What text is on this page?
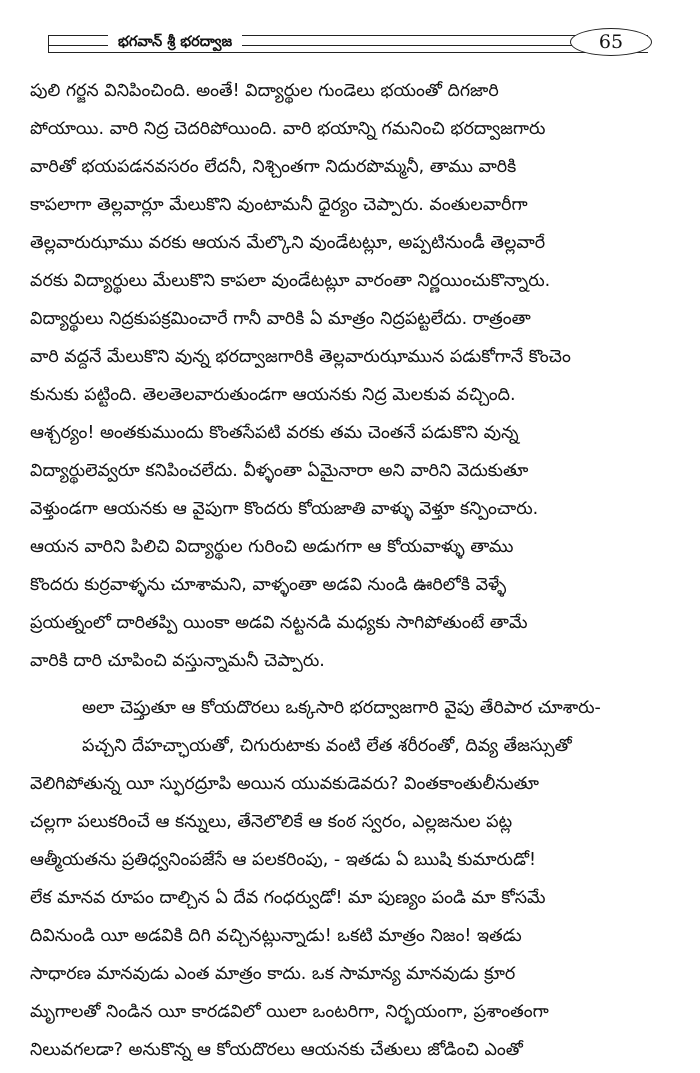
భగవాన్ శ్రీ భరద్వాజ	65
పులి గర్జన వినిపించింది. అంతే! విద్యార్థుల గుండెలు భయంతో దిగజారి
పోయాయి. వారి నిద్ర చెదరిపోయింది. వారి భయాన్ని గమనించి భరద్వాజగారు
వారితో భయపడనవసరం లేదనీ, నిశ్చింతగా నిదురపొమ్మనీ, తాము వారికి
కాపలాగా తెల్లవార్లూ మేలుకొని వుంటామనీ ధైర్యం చెప్పారు. వంతులవారీగా
తెల్లవారుఝాము వరకు ఆయన మేల్కొని వుండేటట్లూ, అప్పటినుండీ తెల్లవారే
వరకు విద్యార్థులు మేలుకొని కాపలా వుండేటట్లూ వారంతా నిర్ణయించుకొన్నారు.
విద్యార్థులు నిద్రకుపక్రమించారే గానీ వారికి ఏ మాత్రం నిద్రపట్టలేదు. రాత్రంతా
వారి వద్దనే మేలుకొని వున్న భరద్వాజగారికి తెల్లవారుఝామున పడుకోగానే కొంచెం
కునుకు పట్టింది. తెలతెలవారుతుండగా ఆయనకు నిద్ర మెలకువ వచ్చింది.
ఆశ్చర్యం! అంతకుముందు కొంతసేపటి వరకు తమ చెంతనే పడుకొని వున్న
విద్యార్థులెవ్వరూ కనిపించలేదు. వీళ్ళంతా ఏమైనారా అని వారిని వెదుకుతూ
వెళ్తుండగా ఆయనకు ఆ వైపుగా కొందరు కోయజాతి వాళ్ళు వెళ్తూ కన్పించారు.
ఆయన వారిని పిలిచి విద్యార్థుల గురించి అడుగగా ఆ కోయవాళ్ళు తాము
కొందరు కుర్రవాళ్ళను చూశామని, వాళ్ళంతా అడవి నుండి ఊరిలోకి వెళ్ళే
ప్రయత్నంలో దారితప్పి యింకా అడవి నట్టనడి మధ్యకు సాగిపోతుంటే తామే
వారికి దారి చూపించి వస్తున్నామనీ చెప్పారు.
అలా చెప్తుతూ ఆ కోయదొరలు ఒక్కసారి భరద్వాజగారి వైపు తేరిపార చూశారు-
పచ్చని దేహచ్ఛాయతో, చిగురుటాకు వంటి లేత శరీరంతో, దివ్య తేజస్సుతో
వెలిగిపోతున్న యీ స్ఫురద్రూపి అయిన యువకుడెవరు? వింతకాంతులీనుతూ
చల్లగా పలుకరించే ఆ కన్నులు, తేనెలొలికే ఆ కంఠ స్వరం, ఎల్లజనుల పట్ల
ఆత్మీయతను ప్రతిధ్వనింపజేసే ఆ పలకరింపు, - ఇతడు ఏ ఋషి కుమారుడో!
లేక మానవ రూపం దాల్చిన ఏ దేవ గంధర్వుడో! మా పుణ్యం పండి మా కోసమే
దివినుండి యీ అడవికి దిగి వచ్చినట్లున్నాడు! ఒకటి మాత్రం నిజం! ఇతడు
సాధారణ మానవుడు ఎంత మాత్రం కాదు. ఒక సామాన్య మానవుడు క్రూర
మృగాలతో నిండిన యీ కారడవిలో యిలా ఒంటరిగా, నిర్భయంగా, ప్రశాంతంగా
నిలువగలడా? అనుకొన్న ఆ కోయదొరలు ఆయనకు చేతులు జోడించి ఎంతో
